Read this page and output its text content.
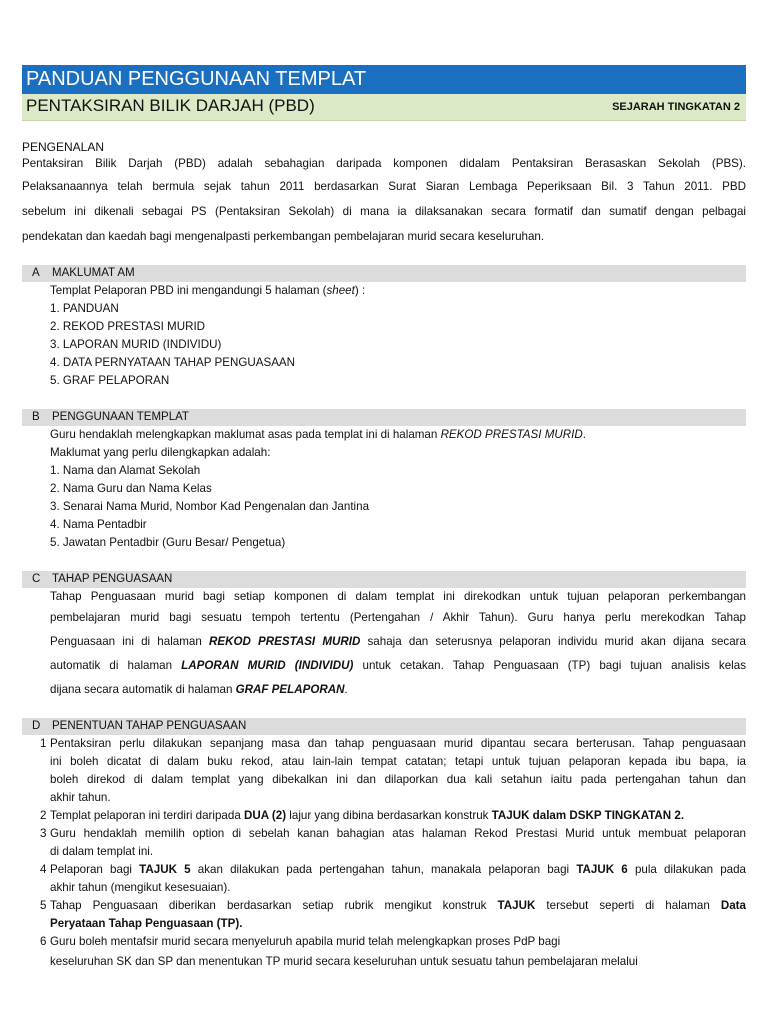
PANDUAN PENGGUNAAN TEMPLAT
PENTAKSIRAN BILIK DARJAH (PBD)	SEJARAH TINGKATAN 2
PENGENALAN

Pentaksiran Bilik Darjah (PBD) adalah sebahagian daripada komponen didalam Pentaksiran Berasaskan Sekolah (PBS).

Pelaksanaannya telah bermula sejak tahun 2011 berdasarkan Surat Siaran Lembaga Peperiksaan Bil. 3 Tahun 2011. PBD

sebelum ini dikenali sebagai PS (Pentaksiran Sekolah) di mana ia dilaksanakan secara formatif dan sumatif dengan pelbagai

pendekatan dan kaedah bagi mengenalpasti perkembangan pembelajaran murid secara keseluruhan.

A MAKLUMAT AM
Templat Pelaporan PBD ini mengandungi 5 halaman (sheet) :
1. PANDUAN
2. REKOD PRESTASI MURID
3. LAPORAN MURID (INDIVIDU)
4. DATA PERNYATAAN TAHAP PENGUASAAN
5. GRAF PELAPORAN
B PENGGUNAAN TEMPLAT
Guru hendaklah melengkapkan maklumat asas pada templat ini di halaman REKOD PRESTASI MURID.
Maklumat yang perlu dilengkapkan adalah:
1. Nama dan Alamat Sekolah
2. Nama Guru dan Nama Kelas
3. Senarai Nama Murid, Nombor Kad Pengenalan dan Jantina
4. Nama Pentadbir
5. Jawatan Pentadbir (Guru Besar/ Pengetua)
C TAHAP PENGUASAAN
Tahap Penguasaan murid bagi setiap komponen di dalam templat ini direkodkan untuk tujuan pelaporan perkembangan
pembelajaran murid bagi sesuatu tempoh tertentu (Pertengahan / Akhir Tahun). Guru hanya perlu merekodkan Tahap
Penguasaan ini di halaman REKOD PRESTASI MURID sahaja dan seterusnya pelaporan individu murid akan dijana secara
automatik di halaman LAPORAN MURID (INDIVIDU) untuk cetakan. Tahap Penguasaan (TP) bagi tujuan analisis kelas
dijana secara automatik di halaman GRAF PELAPORAN.
D PENENTUAN TAHAP PENGUASAAN
1 Pentaksiran perlu dilakukan sepanjang masa dan tahap penguasaan murid dipantau secara berterusan. Tahap penguasaan
ini boleh dicatat di dalam buku rekod, atau lain-lain tempat catatan; tetapi untuk tujuan pelaporan kepada ibu bapa, ia
boleh direkod di dalam templat yang dibekalkan ini dan dilaporkan dua kali setahun iaitu pada pertengahan tahun dan
akhir tahun.
2 Templat pelaporan ini terdiri daripada DUA (2) lajur yang dibina berdasarkan konstruk TAJUK dalam DSKP TINGKATAN 2.
3 Guru hendaklah memilih option di sebelah kanan bahagian atas halaman Rekod Prestasi Murid untuk membuat pelaporan
di dalam templat ini.
4 Pelaporan bagi TAJUK 5 akan dilakukan pada pertengahan tahun, manakala pelaporan bagi TAJUK 6 pula dilakukan pada
akhir tahun (mengikut kesesuaian).
5 Tahap Penguasaan diberikan berdasarkan setiap rubrik mengikut konstruk TAJUK tersebut seperti di halaman Data
Peryataan Tahap Penguasaan (TP).
6 Guru boleh mentafsir murid secara menyeluruh apabila murid telah melengkapkan proses PdP bagi
keseluruhan SK dan SP dan menentukan TP murid secara keseluruhan untuk sesuatu tahun pembelajaran melalui
